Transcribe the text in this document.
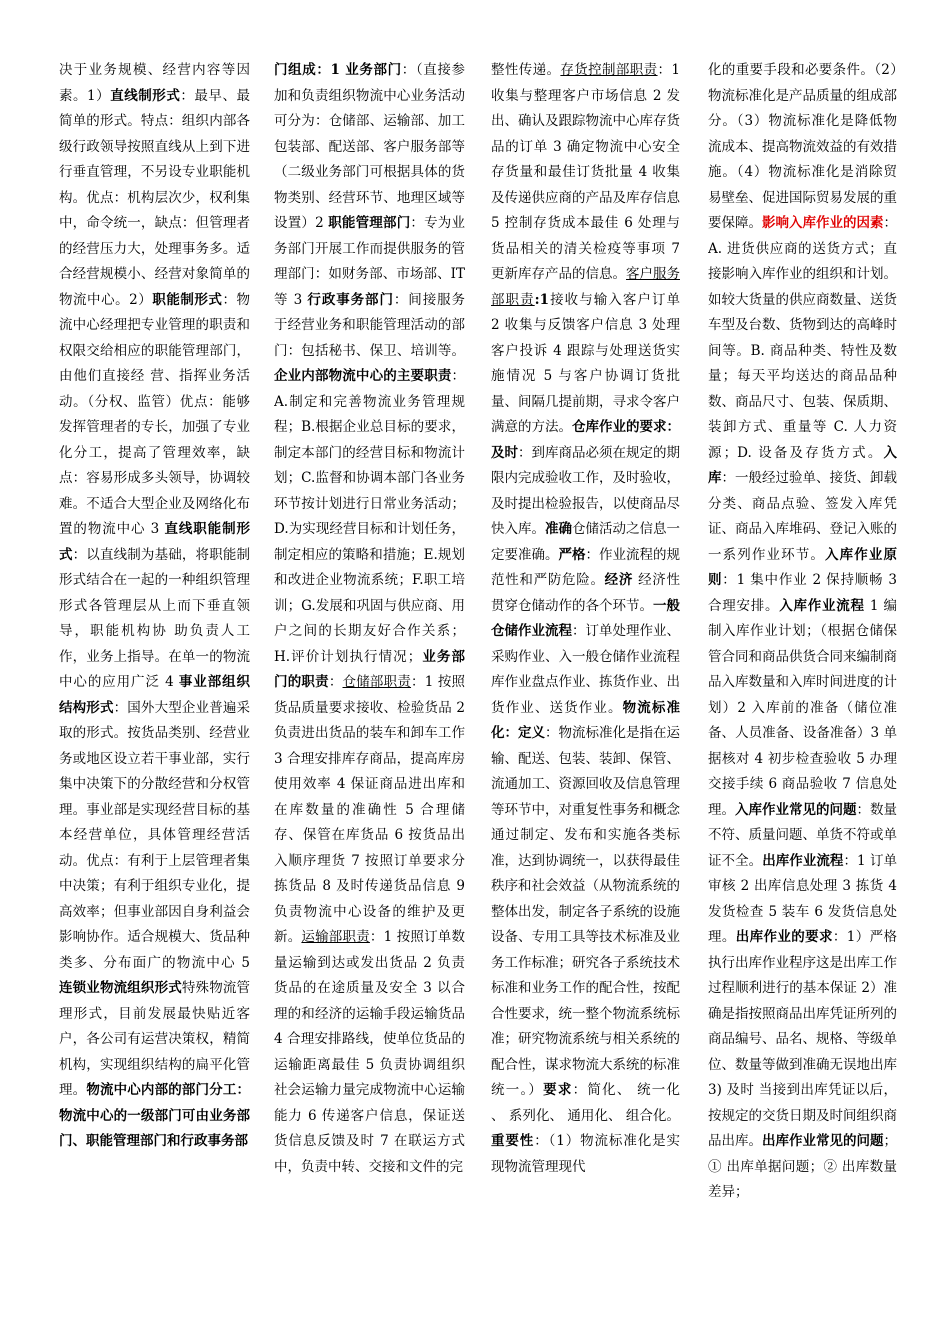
决于业务规模、经营内容等因素。1）直线制形式：最早、最简单的形式。特点：组织内部各级行政领导按照直线从上到下进行垂直管理，不另设专业职能机构。优点：机构层次少，权利集中，命令统一，缺点：但管理者的经营压力大，处理事务多。适合经营规模小、经营对象简单的物流中心。2）职能制形式：物流中心经理把专业管理的职责和权限交给相应的职能管理部门，由他们直接经 营、指挥业务活动。（分权、监管）优点：能够发挥管理者的专长，加强了专业化分工，提高了管理效率，缺点：容易形成多头领导，协调较难。不适合大型企业及网络化布置的物流中心 3 直线职能制形式：以直线制为基础，将职能制形式结合在一起的一种组织管理形式各管理层从上而下垂直领导，职能机构协 助负责人工作，业务上指导。在单一的物流中心的应用广泛 4 事业部组织结构形式：国外大型企业普遍采取的形式。按货品类别、经营业务或地区设立若干事业部，实行集中决策下的分散经营和分权管理。事业部是实现经营目标的基本经营单位，具体管理经营活动。优点：有利于上层管理者集中决策；有利于组织专业化，提高效率；但事业部因自身利益会影响协作。适合规模大、货品种类多、分布面广的物流中心 5 连锁业物流组织形式特殊物流管理形式，目前发展最快贴近客户，各公司有运营决策权，精简机构，实现组织结构的扁平化管理。物流中心内部的部门分工：物流中心的一级部门可由业务部门、职能管理部门和行政事务部
门组成：1 业务部门：（直接参加和负责组织物流中心业务活动可分为：仓储部、运输部、加工包装部、配送部、客户服务部等（二级业务部门可根据具体的货物类别、经营环节、地理区域等设置）2 职能管理部门：专为业务部门开展工作而提供服务的管理部门：如财务部、市场部、IT 等 3 行政事务部门：间接服务于经营业务和职能管理活动的部门：包括秘书、保卫、培训等。企业内部物流中心的主要职责：A.制定和完善物流业务管理规程；B.根据企业总目标的要求，制定本部门的经营目标和物流计划；C.监督和协调本部门各业务环节按计划进行日常业务活动；D.为实现经营目标和计划任务，制定相应的策略和措施；E.规划和改进企业物流系统；F.职工培训；G.发展和巩固与供应商、用户之间的长期友好合作关系；H.评价计划执行情况；业务部门的职责：仓储部职责：1 按照货品质量要求接收、检验货品 2 负责进出货品的装车和卸车工作 3 合理安排库存商品，提高库房使用效率 4 保证商品进出库和在库数量的准确性 5 合理储存、保管在库货品 6 按货品出入顺序理货 7 按照订单要求分拣货品 8 及时传递货品信息 9 负责物流中心设备的维护及更新。运输部职责：1 按照订单数量运输到达或发出货品 2 负责货品的在途质量及安全 3 以合理的和经济的运输手段运输货品 4 合理安排路线，使单位货品的运输距离最佳 5 负责协调组织社会运输力量完成物流中心运输能力 6 传递客户信息，保证送货信息反馈及时 7 在联运方式中，负责中转、交接和文件的完
整性传递。存货控制部职责：1 收集与整理客户市场信息 2 发出、确认及跟踪物流中心库存货品的订单 3 确定物流中心安全存货量和最佳订货批量 4 收集及传递供应商的产品及库存信息 5 控制存货成本最佳 6 处理与货品相关的清关检疫等事项 7 更新库存产品的信息。客户服务部职责:1接收与输入客户订单 2 收集与反馈客户信息 3 处理客户投诉 4 跟踪与处理送货实施情况 5 与客户协调订货批量、间隔几提前期，寻求令客户满意的方法。仓库作业的要求： 及时：到库商品必须在规定的期限内完成验收工作，及时验收，及时提出检验报告，以使商品尽快入库。准确仓储活动之信息一定要准确。严格：作业流程的规范性和严防危险。经济 经济性贯穿仓储动作的各个环节。一般仓储作业流程：订单处理作业、采购作业、入一般仓储作业流程库作业盘点作业、拣货作业、出货作业、送货作业。物流标准化：定义：物流标准化是指在运输、配送、包装、装卸、保管、流通加工、资源回收及信息管理等环节中，对重复性事务和概念通过制定、发布和实施各类标准，达到协调统一，以获得最佳秩序和社会效益（从物流系统的整体出发，制定各子系统的设施设备、专用工具等技术标准及业务工作标准；研究各子系统技术标准和业务工作的配合性，按配合性要求，统一整个物流系统标准；研究物流系统与相关系统的配合性，谋求物流大系统的标准统一。）要求：简化、 统一化 、 系列化、 通用化、 组合化。重要性：（1）物流标准化是实现物流管理现代
化的重要手段和必要条件。（2）物流标准化是产品质量的组成部分。（3）物流标准化是降低物流成本、提高物流效益的有效措施。（4）物流标准化是消除贸易壁垒、促进国际贸易发展的重要保障。影响入库作业的因素：A. 进货供应商的送货方式；直接影响入库作业的组织和计划。如较大货量的供应商数量、送货车型及台数、货物到达的高峰时间等。B. 商品种类、特性及数量；每天平均送达的商品品种数、商品尺寸、包装、保质期、装卸方式、重量等 C. 人力资源；D. 设备及存货方式。入库：一般经过验单、接货、卸载分类、商品点验、签发入库凭证、商品入库堆码、登记入账的一系列作业环节。入库作业原则：1 集中作业 2 保持顺畅 3 合理安排。入库作业流程 1 编制入库作业计划；（根据仓储保管合同和商品供货合同来编制商品入库数量和入库时间进度的计划）2 入库前的准备（储位准备、人员准备、设备准备）3 单据核对 4 初步检查验收 5 办理交接手续 6 商品验收 7 信息处理。入库作业常见的问题：数量不符、质量问题、单货不符或单证不全。出库作业流程：1 订单审核 2 出库信息处理 3 拣货 4 发货检查 5 装车 6 发货信息处理。出库作业的要求：1）严格执行出库作业程序这是出库工作过程顺利进行的基本保证 2）准确是指按照商品出库凭证所列的商品编号、品名、规格、等级单位、数量等做到准确无误地出库 3) 及时 当接到出库凭证以后，按规定的交货日期及时间组织商品出库。出库作业常见的问题；① 出库单据问题；② 出库数量差异；
